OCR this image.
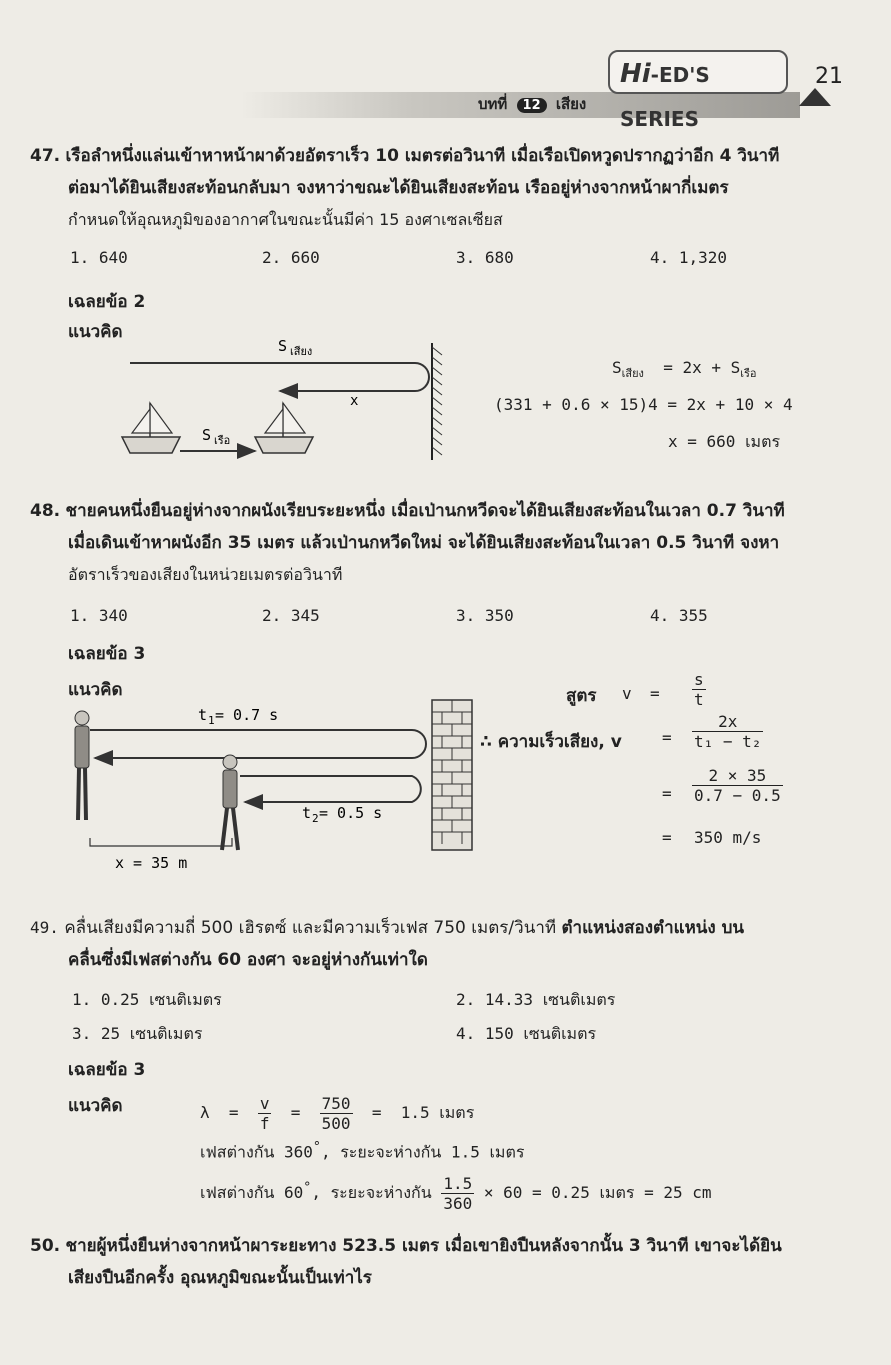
บทที่ 12 เสียง
Hi-ED'S SERIES
21
47. เรือลำหนึ่งแล่นเข้าหาหน้าผาด้วยอัตราเร็ว 10 เมตรต่อวินาที เมื่อเรือเปิดหวูดปรากฏว่าอีก 4 วินาที
ต่อมาได้ยินเสียงสะท้อนกลับมา จงหาว่าขณะได้ยินเสียงสะท้อน เรืออยู่ห่างจากหน้าผากี่เมตร
กำหนดให้อุณหภูมิของอากาศในขณะนั้นมีค่า 15 องศาเซลเซียส
1. 640	2. 660	3. 680	4. 1,320
เฉลยข้อ 2
แนวคิด
S เสียง
x
S เรือ
$S_{เสียง} = 2x + S_{เรือ}$
(331 + 0.6 × 15)4 = 2x + 10 × 4
x = 660 เมตร
48. ชายคนหนึ่งยืนอยู่ห่างจากผนังเรียบระยะหนึ่ง เมื่อเป่านกหวีดจะได้ยินเสียงสะท้อนในเวลา 0.7 วินาที
เมื่อเดินเข้าหาผนังอีก 35 เมตร แล้วเป่านกหวีดใหม่ จะได้ยินเสียงสะท้อนในเวลา 0.5 วินาที จงหา
อัตราเร็วของเสียงในหน่วยเมตรต่อวินาที
1. 340	2. 345	3. 350	4. 355
เฉลยข้อ 3
แนวคิด
t 1 = 0.7 s
t 2 = 0.5 s
x = 35 m
สูตร $v = \frac{s}{t}$
∴ ความเร็วเสียง, v	= $\frac{2x}{\text{t₁ − t₂}}$
= $\frac{2 \times 35}{0.7 - 0.5}$
= 350 m/s
49. คลื่นเสียงมีความถี่ 500 เฮิรตซ์ และมีความเร็วเฟส 750 เมตร/วินาที ตำแหน่งสองตำแหน่ง บน
คลื่นซึ่งมีเฟสต่างกัน 60 องศา จะอยู่ห่างกันเท่าใด
1. 0.25 เซนติเมตร	2. 14.33 เซนติเมตร
3. 25 เซนติเมตร	4. 150 เซนติเมตร
เฉลยข้อ 3
แนวคิด	$\lambda = \frac{v}{f} = \frac{750}{500} = 1.5$ เมตร
เฟสต่างกัน 360°, ระยะจะห่างกัน 1.5 เมตร
เฟสต่างกัน 60°, ระยะจะห่างกัน $\frac{1.5}{360} \times 60 = 0.25$ เมตร = 25 cm
50. ชายผู้หนึ่งยืนห่างจากหน้าผาระยะทาง 523.5 เมตร เมื่อเขายิงปืนหลังจากนั้น 3 วินาที เขาจะได้ยิน
เสียงปืนอีกครั้ง อุณหภูมิขณะนั้นเป็นเท่าไร
